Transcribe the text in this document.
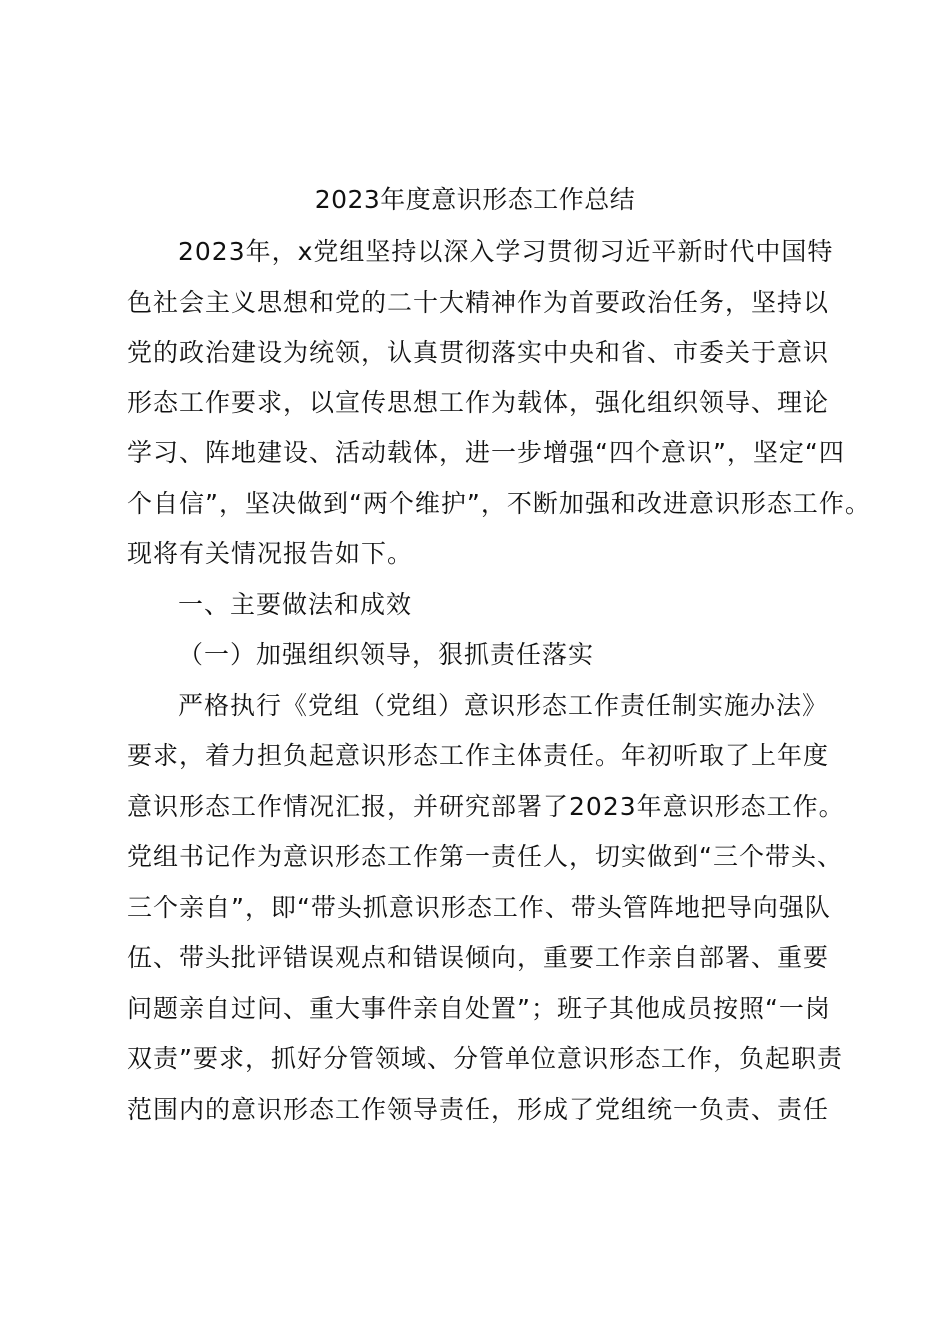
2023年度意识形态工作总结
2023年，x党组坚持以深入学习贯彻习近平新时代中国特
色社会主义思想和党的二十大精神作为首要政治任务，坚持以
党的政治建设为统领，认真贯彻落实中央和省、市委关于意识
形态工作要求，以宣传思想工作为载体，强化组织领导、理论
学习、阵地建设、活动载体，进一步增强“四个意识”，坚定“四
个自信”，坚决做到“两个维护”，不断加强和改进意识形态工作。
现将有关情况报告如下。
一、主要做法和成效
（一）加强组织领导，狠抓责任落实
严格执行《党组（党组）意识形态工作责任制实施办法》
要求，着力担负起意识形态工作主体责任。年初听取了上年度
意识形态工作情况汇报，并研究部署了2023年意识形态工作。
党组书记作为意识形态工作第一责任人，切实做到“三个带头、
三个亲自”，即“带头抓意识形态工作、带头管阵地把导向强队
伍、带头批评错误观点和错误倾向，重要工作亲自部署、重要
问题亲自过问、重大事件亲自处置”；班子其他成员按照“一岗
双责”要求，抓好分管领域、分管单位意识形态工作，负起职责
范围内的意识形态工作领导责任，形成了党组统一负责、责任
